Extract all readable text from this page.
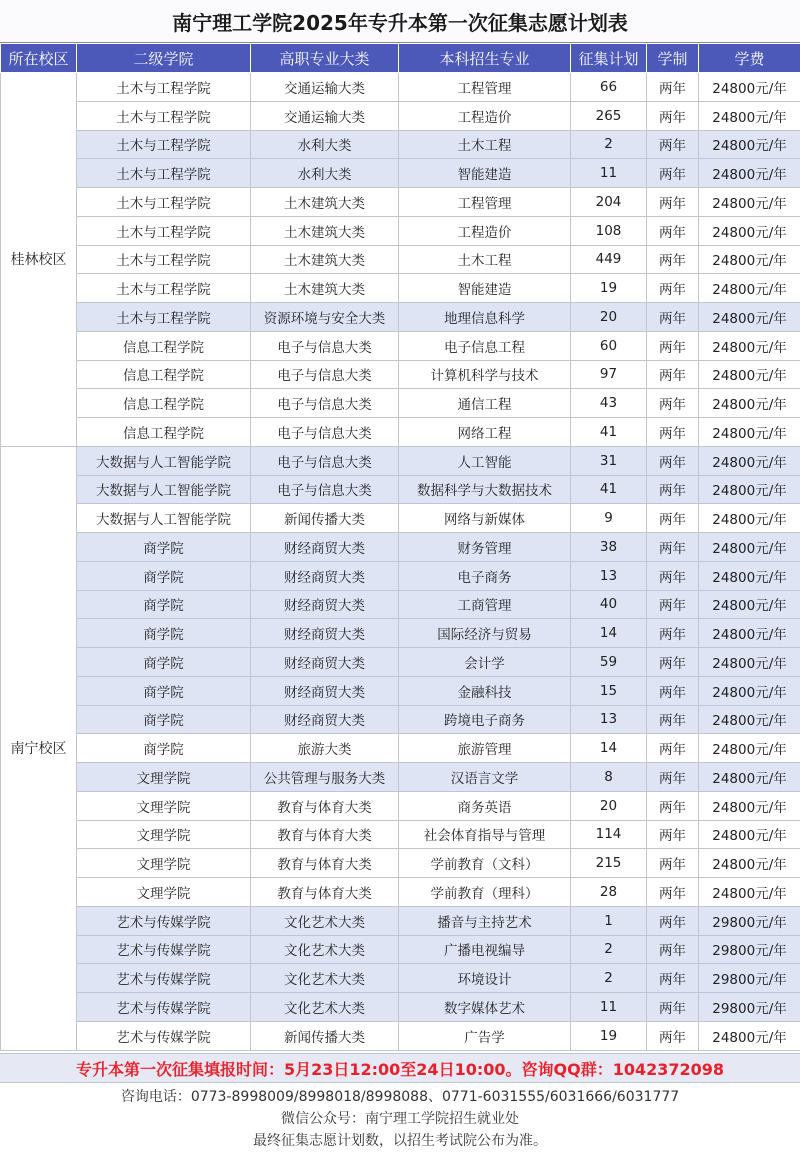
南宁理工学院2025年专升本第一次征集志愿计划表
所在校区	二级学院	高职专业大类	本科招生专业	征集计划	学制	学费
桂林校区	土木与工程学院	交通运输大类	工程管理	66	两年	24800元/年
	土木与工程学院	交通运输大类	工程造价	265	两年	24800元/年
	土木与工程学院	水利大类	土木工程	2	两年	24800元/年
	土木与工程学院	水利大类	智能建造	11	两年	24800元/年
	土木与工程学院	土木建筑大类	工程管理	204	两年	24800元/年
	土木与工程学院	土木建筑大类	工程造价	108	两年	24800元/年
	土木与工程学院	土木建筑大类	土木工程	449	两年	24800元/年
	土木与工程学院	土木建筑大类	智能建造	19	两年	24800元/年
	土木与工程学院	资源环境与安全大类	地理信息科学	20	两年	24800元/年
	信息工程学院	电子与信息大类	电子信息工程	60	两年	24800元/年
	信息工程学院	电子与信息大类	计算机科学与技术	97	两年	24800元/年
	信息工程学院	电子与信息大类	通信工程	43	两年	24800元/年
	信息工程学院	电子与信息大类	网络工程	41	两年	24800元/年
南宁校区	大数据与人工智能学院	电子与信息大类	人工智能	31	两年	24800元/年
	大数据与人工智能学院	电子与信息大类	数据科学与大数据技术	41	两年	24800元/年
	大数据与人工智能学院	新闻传播大类	网络与新媒体	9	两年	24800元/年
	商学院	财经商贸大类	财务管理	38	两年	24800元/年
	商学院	财经商贸大类	电子商务	13	两年	24800元/年
	商学院	财经商贸大类	工商管理	40	两年	24800元/年
	商学院	财经商贸大类	国际经济与贸易	14	两年	24800元/年
	商学院	财经商贸大类	会计学	59	两年	24800元/年
	商学院	财经商贸大类	金融科技	15	两年	24800元/年
	商学院	财经商贸大类	跨境电子商务	13	两年	24800元/年
	商学院	旅游大类	旅游管理	14	两年	24800元/年
	文理学院	公共管理与服务大类	汉语言文学	8	两年	24800元/年
	文理学院	教育与体育大类	商务英语	20	两年	24800元/年
	文理学院	教育与体育大类	社会体育指导与管理	114	两年	24800元/年
	文理学院	教育与体育大类	学前教育（文科）	215	两年	24800元/年
	文理学院	教育与体育大类	学前教育（理科）	28	两年	24800元/年
	艺术与传媒学院	文化艺术大类	播音与主持艺术	1	两年	29800元/年
	艺术与传媒学院	文化艺术大类	广播电视编导	2	两年	29800元/年
	艺术与传媒学院	文化艺术大类	环境设计	2	两年	29800元/年
	艺术与传媒学院	文化艺术大类	数字媒体艺术	11	两年	29800元/年
	艺术与传媒学院	新闻传播大类	广告学	19	两年	24800元/年
专升本第一次征集填报时间：5月23日12:00至24日10:00。咨询QQ群：1042372098
咨询电话：0773-8998009/8998018/8998088、0771-6031555/6031666/6031777
微信公众号：南宁理工学院招生就业处
最终征集志愿计划数，以招生考试院公布为准。
